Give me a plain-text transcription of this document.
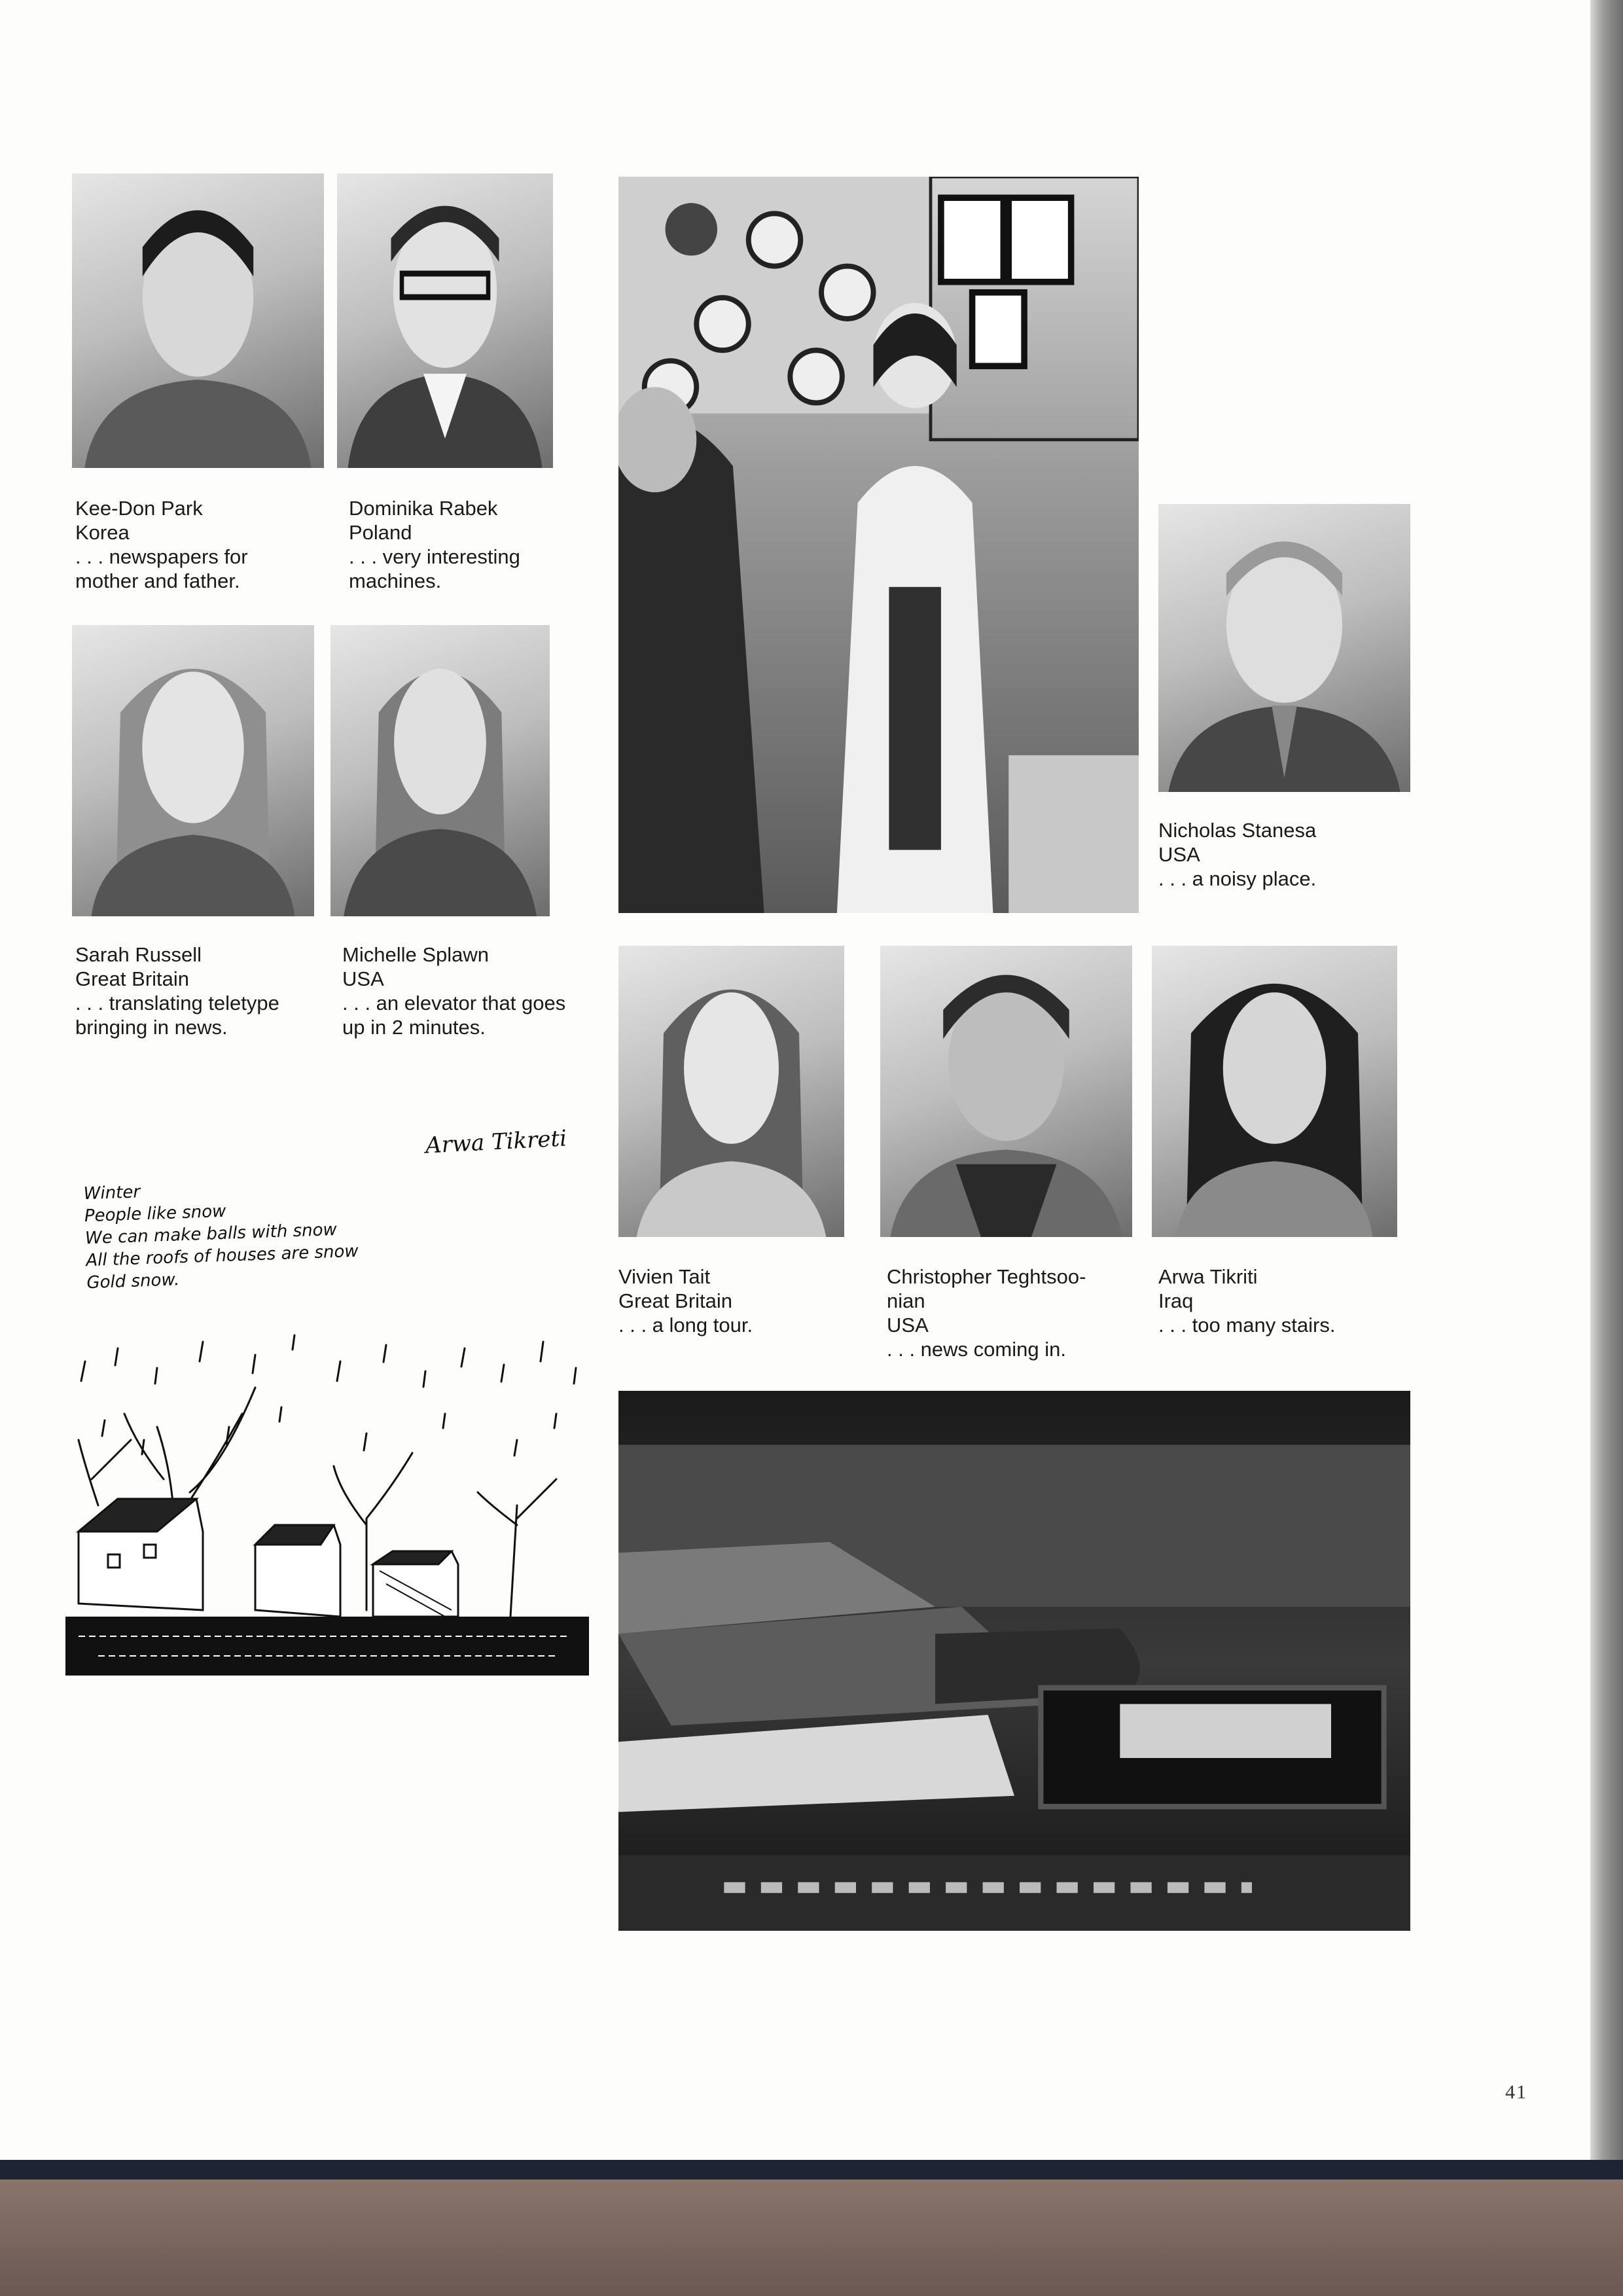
Kee-Don Park
Korea
. . . newspapers for
mother and father.
Dominika Rabek
Poland
. . . very interesting
machines.
Sarah Russell
Great Britain
. . . translating teletype
bringing in news.
Michelle Splawn
USA
. . . an elevator that goes
up in 2 minutes.
Nicholas Stanesa
USA
. . . a noisy place.
Vivien Tait
Great Britain
. . . a long tour.
Christopher Teghtsoo-
nian
USA
. . . news coming in.
Arwa Tikriti
Iraq
. . . too many stairs.
Arwa Tikreti
Winter
People like snow
We can make balls with snow
All the roofs of houses are snow
Gold snow.
41
